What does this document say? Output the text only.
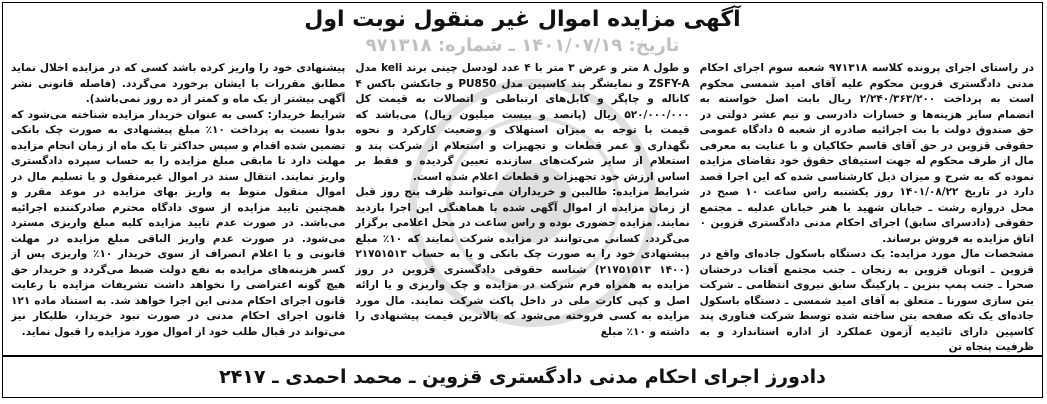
آگهی مزایده اموال غیر منقول نوبت اول
تاریخ: ۱۴۰۱/۰۷/۱۹ ـ شماره: ۹۷۱۳۱۸

در راستای اجرای پرونده کلاسه ۹۷۱۳۱۸ شعبه سوم اجرای احکام مدنی دادگستری قزوین محکوم علیه آقای امید شمسی محکوم است به پرداخت ۲/۲۴۰/۳۶۳/۲۰۰ ریال بابت اصل خواسته به انضمام سایر هزینه‌ها و خسارات دادرسی و نیم عشر دولتی در حق صندوق دولت با بت اجرائیه صادره از شعبه ۵ دادگاه عمومی حقوقی قزوین در حق آقای قاسم حکاکیان و با عنایت به معرفی مال از طرف محکوم له جهت استیفای حقوق خود تقاضای مزایده نموده که به شرح و میزان ذیل کارشناسی شده که این اجرا قصد دارد در تاریخ ۱۴۰۱/۰۸/۲۲ روز یکشنبه راس ساعت ۱۰ صبح در محل دروازه رشت ـ خیابان شهید با هنر خیابان عدلیه ـ مجتمع حقوقی (دادسرای سابق) اجرای احکام مدنی دادگستری قزوین ۰ اتاق مزایده به فروش برساند.

مشخصات مال مورد مزایده: یک دستگاه باسکول جاده‌ای واقع در قزوین ـ اتوبان قزوین به زنجان ـ جنب مجتمع آفتاب درخشان صحرا ـ جنب پمپ بنزین ـ پارکینگ سابق نیروی انتظامی ـ شرکت بتن سازی سورنا ـ متعلق به آقای امید شمسی ـ دستگاه باسکول جاده‌ای یک تکه صفحه بتن ساخته شده توسط شرکت فناوری پند کاسپین دارای تائیدیه آزمون عملکرد از اداره استاندارد و به ظرفیت پنجاه تن

و طول ۸ متر و عرض ۳ متر با ۴ عدد لودسل چینی برند keli مدل ZSFY-A و نمایشگر پند کاسپین مدل PU850 و جانکشن باکس ۴ کاناله و چاپگر و کابل‌های ارتباطی و اتصالات به قیمت کل ۵۲۰/۰۰۰/۰۰۰ ریال (پانصد و بیست میلیون ریال) می‌باشد که قیمت با توجه به میزان استهلاک و وضعیت کارکرد و نحوه نگهداری و عمر قطعات و تجهیزات و استعلام از شرکت پند و استعلام از سایر شرکت‌های سازنده تعیین گردیده و فقط بر اساس ارزش خود تجهیزات و قطعات اعلام شده است.

شرایط مزایده: طالبین و خریداران می‌توانند ظرف پنج روز قبل از زمان مزایده از اموال آگهی شده با هماهنگی این اجرا بازدید نمایند. مزایده حضوری بوده و راس ساعت در محل اعلامی برگزار می‌گردد. کسانی می‌توانند در مزایده شرکت نمایند که ۱۰٪ مبلغ پیشنهادی خود را به صورت چک بانکی و یا به حساب ۲۱۷۵۱۵۱۳ (۱۴۰۰ ۲۱۷۵۱۵۱۳) شناسه حقوقی دادگستری قزوین در روز مزایده به همراه فرم شرکت در مزایده و چک واریزی و یا ارائه اصل و کپی کارت ملی در داخل پاکت شرکت نمایند. مال مورد مزایده به کسی فروخته می‌شود که بالاترین قیمت پیشنهادی را داشته و ۱۰٪ مبلغ

پیشنهادی خود را واریز کرده باشد کسی که در مزایده اخلال نماید مطابق مقررات با ایشان برخورد می‌گردد. (فاصله قانونی نشر آگهی بیشتر از یک ماه و کمتر از ده روز نمی‌باشد).

شرایط خریدار: کسی به عنوان خریدار مزایده شناخته می‌شود که بدوا نسبت به پرداخت ۱۰٪ مبلغ پیشنهادی به صورت چک بانکی تضمین شده اقدام و سپس حداکثر تا یک ماه از زمان انجام مزایده مهلت دارد تا مابقی مبلغ مزایده را به حساب سپرده دادگستری واریز نمایند. انتقال سند در اموال غیرمنقول و یا تسلیم مال در اموال منقول منوط به واریز بهای مزایده در موعد مقرر و همچنین تایید مزایده از سوی دادگاه محترم صادرکننده اجرائیه می‌باشد. در صورت عدم تایید مزایده کلیه مبلغ واریزی مسترد می‌شود. در صورت عدم واریز الباقی مبلغ مزایده در مهلت قانونی و یا اعلام انصراف از سوی خریدار ۱۰٪ واریزی پس از کسر هزینه‌های مزایده به نفع دولت ضبط می‌گردد و خریدار حق هیچ گونه اعتراضی را نخواهد داشت تشریفات مزایده با رعایت قانون اجرای احکام مدنی این اجرا خواهد شد. به استناد ماده ۱۲۱ قانون اجرای احکام مدنی در صورت نبود خریدار، طلبکار نیز می‌تواند در قبال طلب خود از اموال مورد مزایده را قبول نماید.

دادورز اجرای احکام مدنی دادگستری قزوین ـ محمد احمدی ـ ۲۴۱۷
